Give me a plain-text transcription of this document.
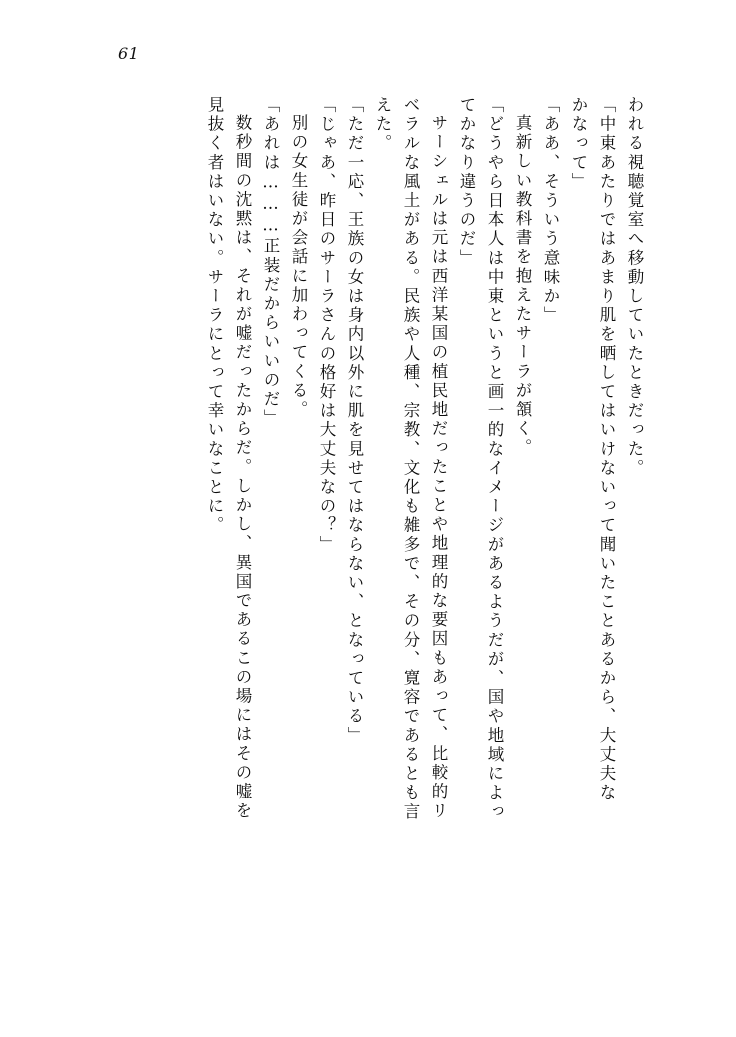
61
われる視聴覚室へ移動していたときだった。
「中東あたりではあまり肌を晒してはいけないって聞いたことあるから、大丈夫な
かなって」
「ああ、そういう意味か」
真新しい教科書を抱えたサーラが頷く。
「どうやら日本人は中東というと画一的なイメージがあるようだが、国や地域によっ
てかなり違うのだ」
サーシェルは元は西洋某国の植民地だったことや地理的な要因もあって、比較的リ
ベラルな風土がある。民族や人種、宗教、文化も雑多で、その分、寛容であるとも言
えた。
「ただ一応、王族の女は身内以外に肌を見せてはならない、となっている」
「じゃあ、昨日のサーラさんの格好は大丈夫なの？」
別の女生徒が会話に加わってくる。
「あれは………正装だからいいのだ」
数秒間の沈黙は、それが嘘だったからだ。しかし、異国であるこの場にはその嘘を
見抜く者はいない。サーラにとって幸いなことに。
